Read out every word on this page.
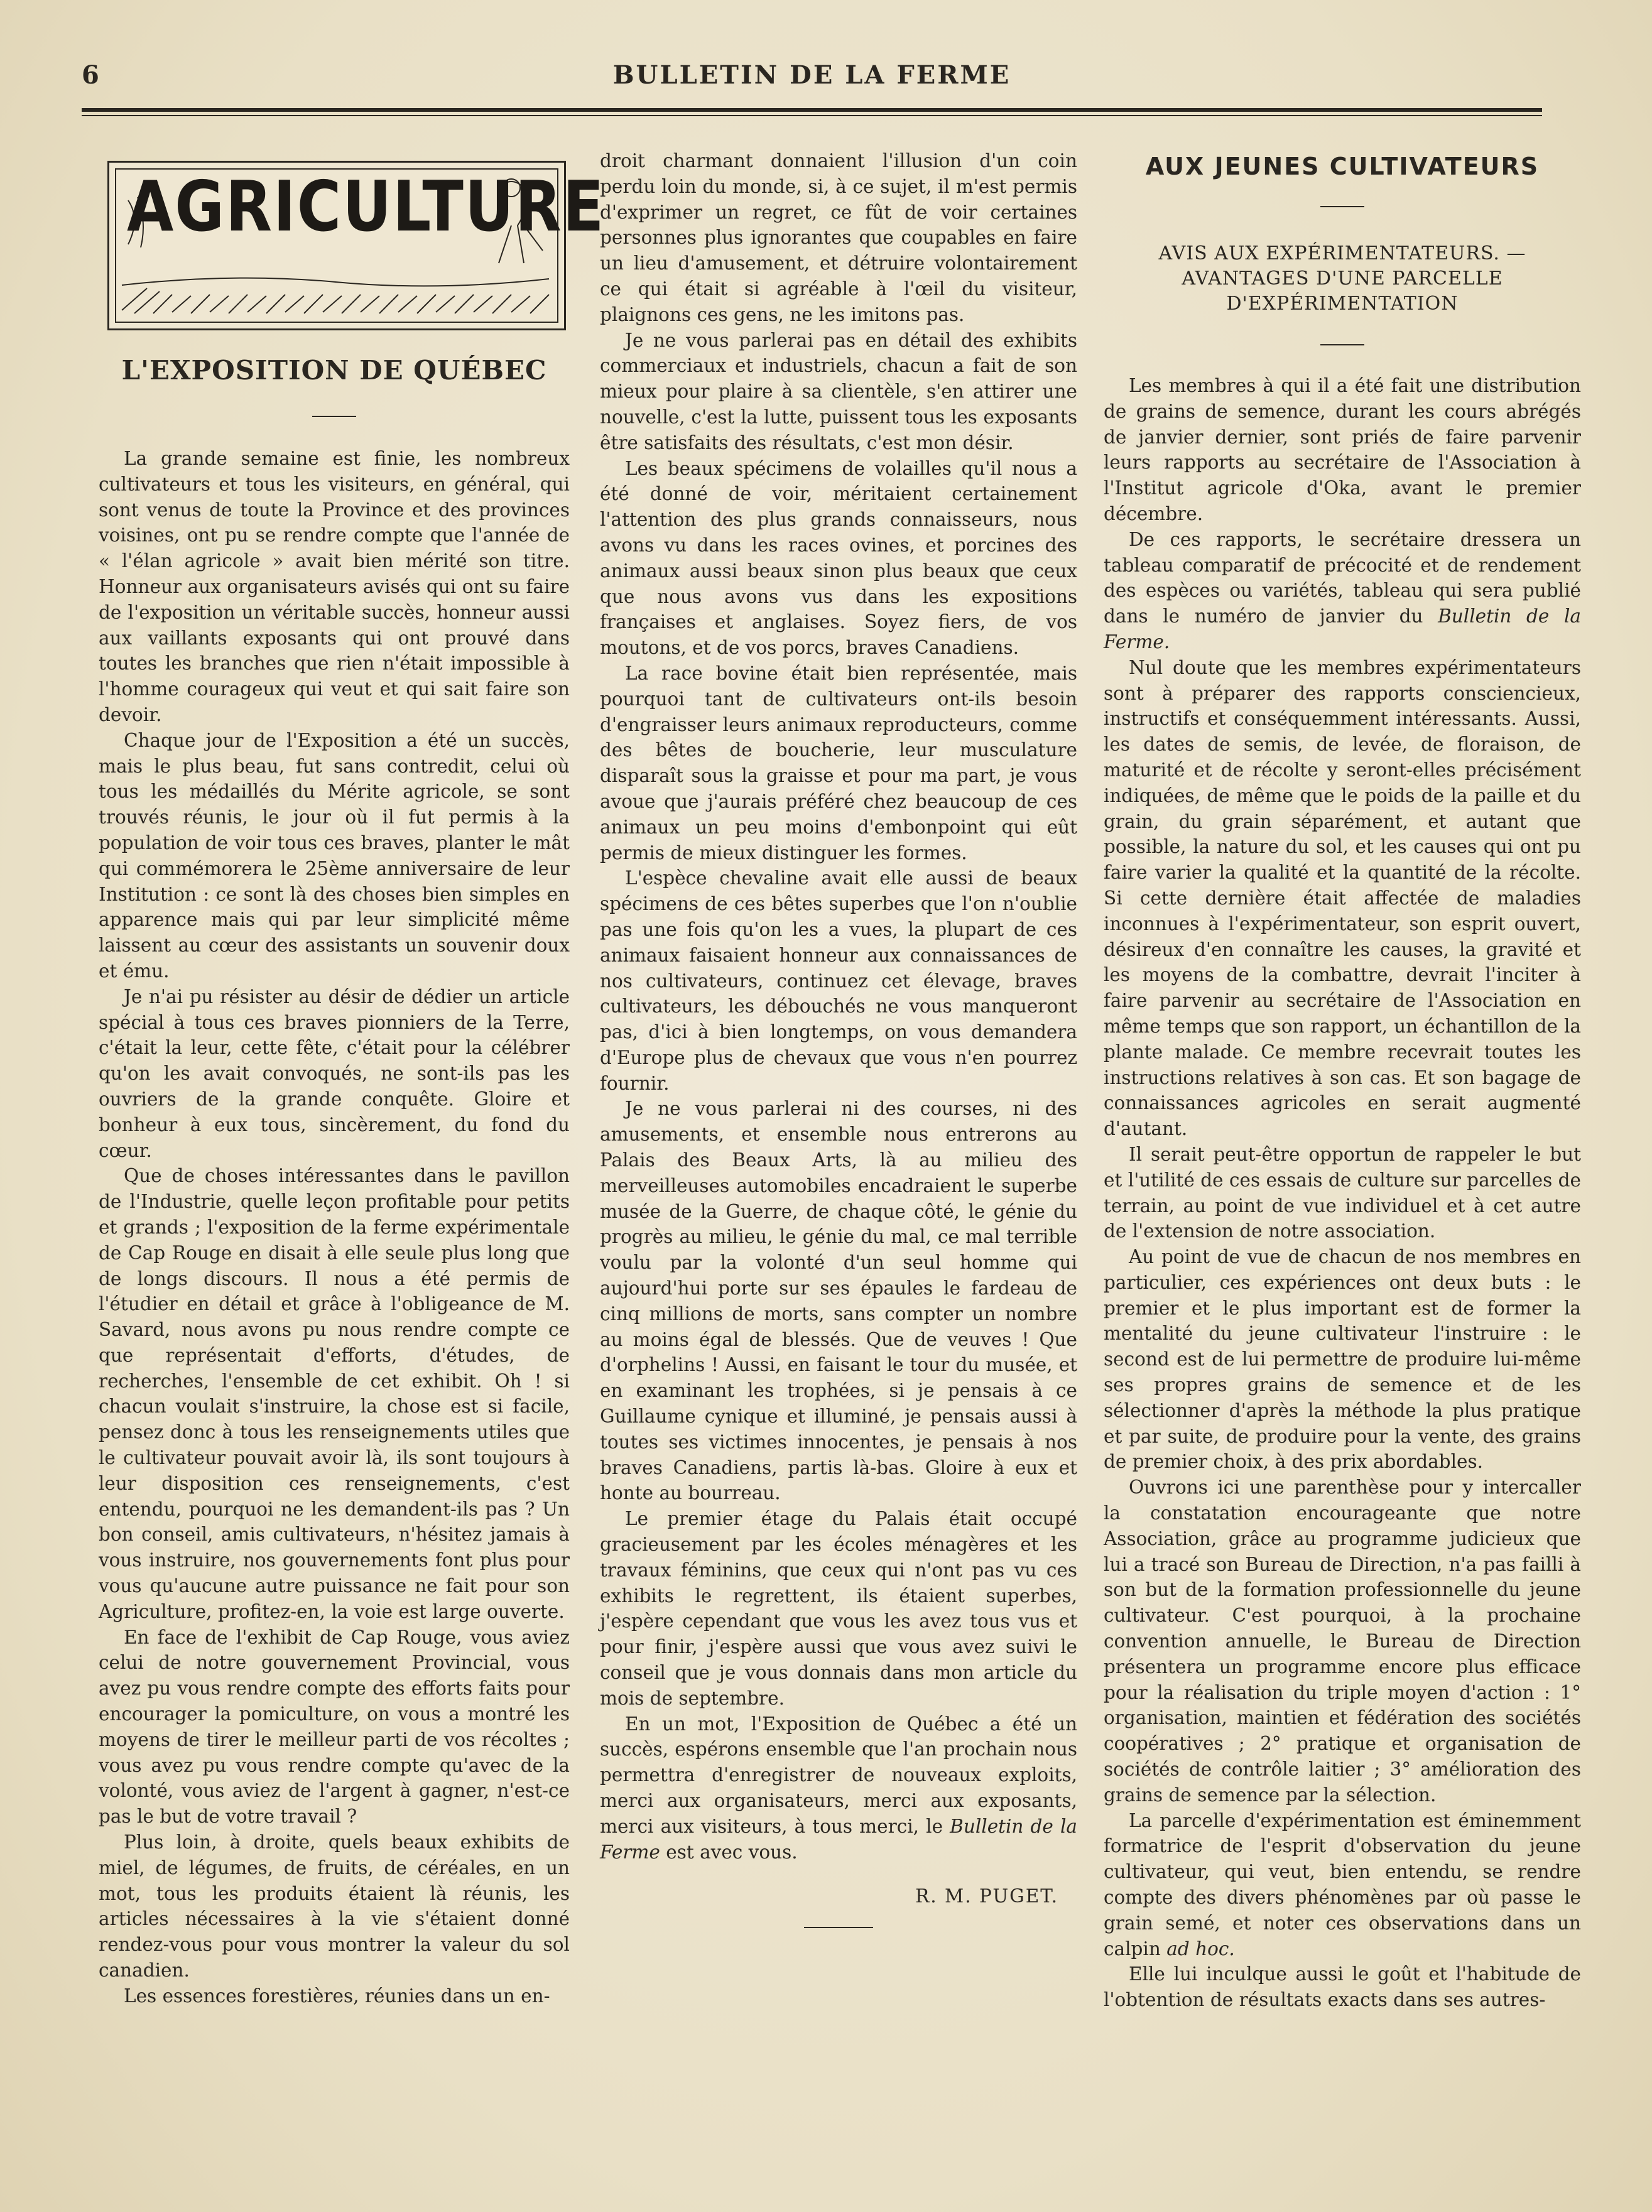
6	BULLETIN DE LA FERME
AGRICULTURE
L'EXPOSITION DE QUÉBEC

La grande semaine est finie, les nombreux cultivateurs et tous les visiteurs, en général, qui sont venus de toute la Province et des provinces voisines, ont pu se rendre compte que l'année de « l'élan agricole » avait bien mérité son titre. Honneur aux organisateurs avisés qui ont su faire de l'exposition un véritable succès, honneur aussi aux vaillants exposants qui ont prouvé dans toutes les branches que rien n'était impossible à l'homme courageux qui veut et qui sait faire son devoir.

Chaque jour de l'Exposition a été un succès, mais le plus beau, fut sans contredit, celui où tous les médaillés du Mérite agricole, se sont trouvés réunis, le jour où il fut permis à la population de voir tous ces braves, planter le mât qui commémorera le 25ème anniversaire de leur Institution : ce sont là des choses bien simples en apparence mais qui par leur simplicité même laissent au cœur des assistants un souvenir doux et ému.

Je n'ai pu résister au désir de dédier un article spécial à tous ces braves pionniers de la Terre, c'était la leur, cette fête, c'était pour la célébrer qu'on les avait convoqués, ne sont-ils pas les ouvriers de la grande conquête. Gloire et bonheur à eux tous, sincèrement, du fond du cœur.

Que de choses intéressantes dans le pavillon de l'Industrie, quelle leçon profitable pour petits et grands ; l'exposition de la ferme expérimentale de Cap Rouge en disait à elle seule plus long que de longs discours. Il nous a été permis de l'étudier en détail et grâce à l'obligeance de M. Savard, nous avons pu nous rendre compte ce que représentait d'efforts, d'études, de recherches, l'ensemble de cet exhibit. Oh ! si chacun voulait s'instruire, la chose est si facile, pensez donc à tous les renseignements utiles que le cultivateur pouvait avoir là, ils sont toujours à leur disposition ces renseignements, c'est entendu, pourquoi ne les demandent-ils pas ? Un bon conseil, amis cultivateurs, n'hésitez jamais à vous instruire, nos gouvernements font plus pour vous qu'aucune autre puissance ne fait pour son Agriculture, profitez-en, la voie est large ouverte.

En face de l'exhibit de Cap Rouge, vous aviez celui de notre gouvernement Provincial, vous avez pu vous rendre compte des efforts faits pour encourager la pomiculture, on vous a montré les moyens de tirer le meilleur parti de vos récoltes ; vous avez pu vous rendre compte qu'avec de la volonté, vous aviez de l'argent à gagner, n'est-ce pas le but de votre travail ?

Plus loin, à droite, quels beaux exhibits de miel, de légumes, de fruits, de céréales, en un mot, tous les produits étaient là réunis, les articles nécessaires à la vie s'étaient donné rendez-vous pour vous montrer la valeur du sol canadien.

Les essences forestières, réunies dans un en-

droit charmant donnaient l'illusion d'un coin perdu loin du monde, si, à ce sujet, il m'est permis d'exprimer un regret, ce fût de voir certaines personnes plus ignorantes que coupables en faire un lieu d'amusement, et détruire volontairement ce qui était si agréable à l'œil du visiteur, plaignons ces gens, ne les imitons pas.

Je ne vous parlerai pas en détail des exhibits commerciaux et industriels, chacun a fait de son mieux pour plaire à sa clientèle, s'en attirer une nouvelle, c'est la lutte, puissent tous les exposants être satisfaits des résultats, c'est mon désir.

Les beaux spécimens de volailles qu'il nous a été donné de voir, méritaient certainement l'attention des plus grands connaisseurs, nous avons vu dans les races ovines, et porcines des animaux aussi beaux sinon plus beaux que ceux que nous avons vus dans les expositions françaises et anglaises. Soyez fiers, de vos moutons, et de vos porcs, braves Canadiens.

La race bovine était bien représentée, mais pourquoi tant de cultivateurs ont-ils besoin d'engraisser leurs animaux reproducteurs, comme des bêtes de boucherie, leur musculature disparaît sous la graisse et pour ma part, je vous avoue que j'aurais préféré chez beaucoup de ces animaux un peu moins d'embonpoint qui eût permis de mieux distinguer les formes.

L'espèce chevaline avait elle aussi de beaux spécimens de ces bêtes superbes que l'on n'oublie pas une fois qu'on les a vues, la plupart de ces animaux faisaient honneur aux connaissances de nos cultivateurs, continuez cet élevage, braves cultivateurs, les débouchés ne vous manqueront pas, d'ici à bien longtemps, on vous demandera d'Europe plus de chevaux que vous n'en pourrez fournir.

Je ne vous parlerai ni des courses, ni des amusements, et ensemble nous entrerons au Palais des Beaux Arts, là au milieu des merveilleuses automobiles encadraient le superbe musée de la Guerre, de chaque côté, le génie du progrès au milieu, le génie du mal, ce mal terrible voulu par la volonté d'un seul homme qui aujourd'hui porte sur ses épaules le fardeau de cinq millions de morts, sans compter un nombre au moins égal de blessés. Que de veuves ! Que d'orphelins ! Aussi, en faisant le tour du musée, et en examinant les trophées, si je pensais à ce Guillaume cynique et illuminé, je pensais aussi à toutes ses victimes innocentes, je pensais à nos braves Canadiens, partis là-bas. Gloire à eux et honte au bourreau.

Le premier étage du Palais était occupé gracieusement par les écoles ménagères et les travaux féminins, que ceux qui n'ont pas vu ces exhibits le regrettent, ils étaient superbes, j'espère cependant que vous les avez tous vus et pour finir, j'espère aussi que vous avez suivi le conseil que je vous donnais dans mon article du mois de septembre.

En un mot, l'Exposition de Québec a été un succès, espérons ensemble que l'an prochain nous permettra d'enregistrer de nouveaux exploits, merci aux organisateurs, merci aux exposants, merci aux visiteurs, à tous merci, le Bulletin de la Ferme est avec vous.

R. M. PUGET.
AUX JEUNES CULTIVATEURS
AVIS AUX EXPÉRIMENTATEURS. —
AVANTAGES D'UNE PARCELLE
D'EXPÉRIMENTATION

Les membres à qui il a été fait une distribution de grains de semence, durant les cours abrégés de janvier dernier, sont priés de faire parvenir leurs rapports au secrétaire de l'Association à l'Institut agricole d'Oka, avant le premier décembre.

De ces rapports, le secrétaire dressera un tableau comparatif de précocité et de rendement des espèces ou variétés, tableau qui sera publié dans le numéro de janvier du Bulletin de la Ferme.

Nul doute que les membres expérimentateurs sont à préparer des rapports consciencieux, instructifs et conséquemment intéressants. Aussi, les dates de semis, de levée, de floraison, de maturité et de récolte y seront-elles précisément indiquées, de même que le poids de la paille et du grain, du grain séparément, et autant que possible, la nature du sol, et les causes qui ont pu faire varier la qualité et la quantité de la récolte. Si cette dernière était affectée de maladies inconnues à l'expérimentateur, son esprit ouvert, désireux d'en connaître les causes, la gravité et les moyens de la combattre, devrait l'inciter à faire parvenir au secrétaire de l'Association en même temps que son rapport, un échantillon de la plante malade. Ce membre recevrait toutes les instructions relatives à son cas. Et son bagage de connaissances agricoles en serait augmenté d'autant.

Il serait peut-être opportun de rappeler le but et l'utilité de ces essais de culture sur parcelles de terrain, au point de vue individuel et à cet autre de l'extension de notre association.

Au point de vue de chacun de nos membres en particulier, ces expériences ont deux buts : le premier et le plus important est de former la mentalité du jeune cultivateur l'instruire : le second est de lui permettre de produire lui-même ses propres grains de semence et de les sélectionner d'après la méthode la plus pratique et par suite, de produire pour la vente, des grains de premier choix, à des prix abordables.

Ouvrons ici une parenthèse pour y intercaller la constatation encourageante que notre Association, grâce au programme judicieux que lui a tracé son Bureau de Direction, n'a pas failli à son but de la formation professionnelle du jeune cultivateur. C'est pourquoi, à la prochaine convention annuelle, le Bureau de Direction présentera un programme encore plus efficace pour la réalisation du triple moyen d'action : 1° organisation, maintien et fédération des sociétés coopératives ; 2° pratique et organisation de sociétés de contrôle laitier ; 3° amélioration des grains de semence par la sélection.

La parcelle d'expérimentation est éminemment formatrice de l'esprit d'observation du jeune cultivateur, qui veut, bien entendu, se rendre compte des divers phénomènes par où passe le grain semé, et noter ces observations dans un calpin ad hoc.

Elle lui inculque aussi le goût et l'habitude de l'obtention de résultats exacts dans ses autres-
